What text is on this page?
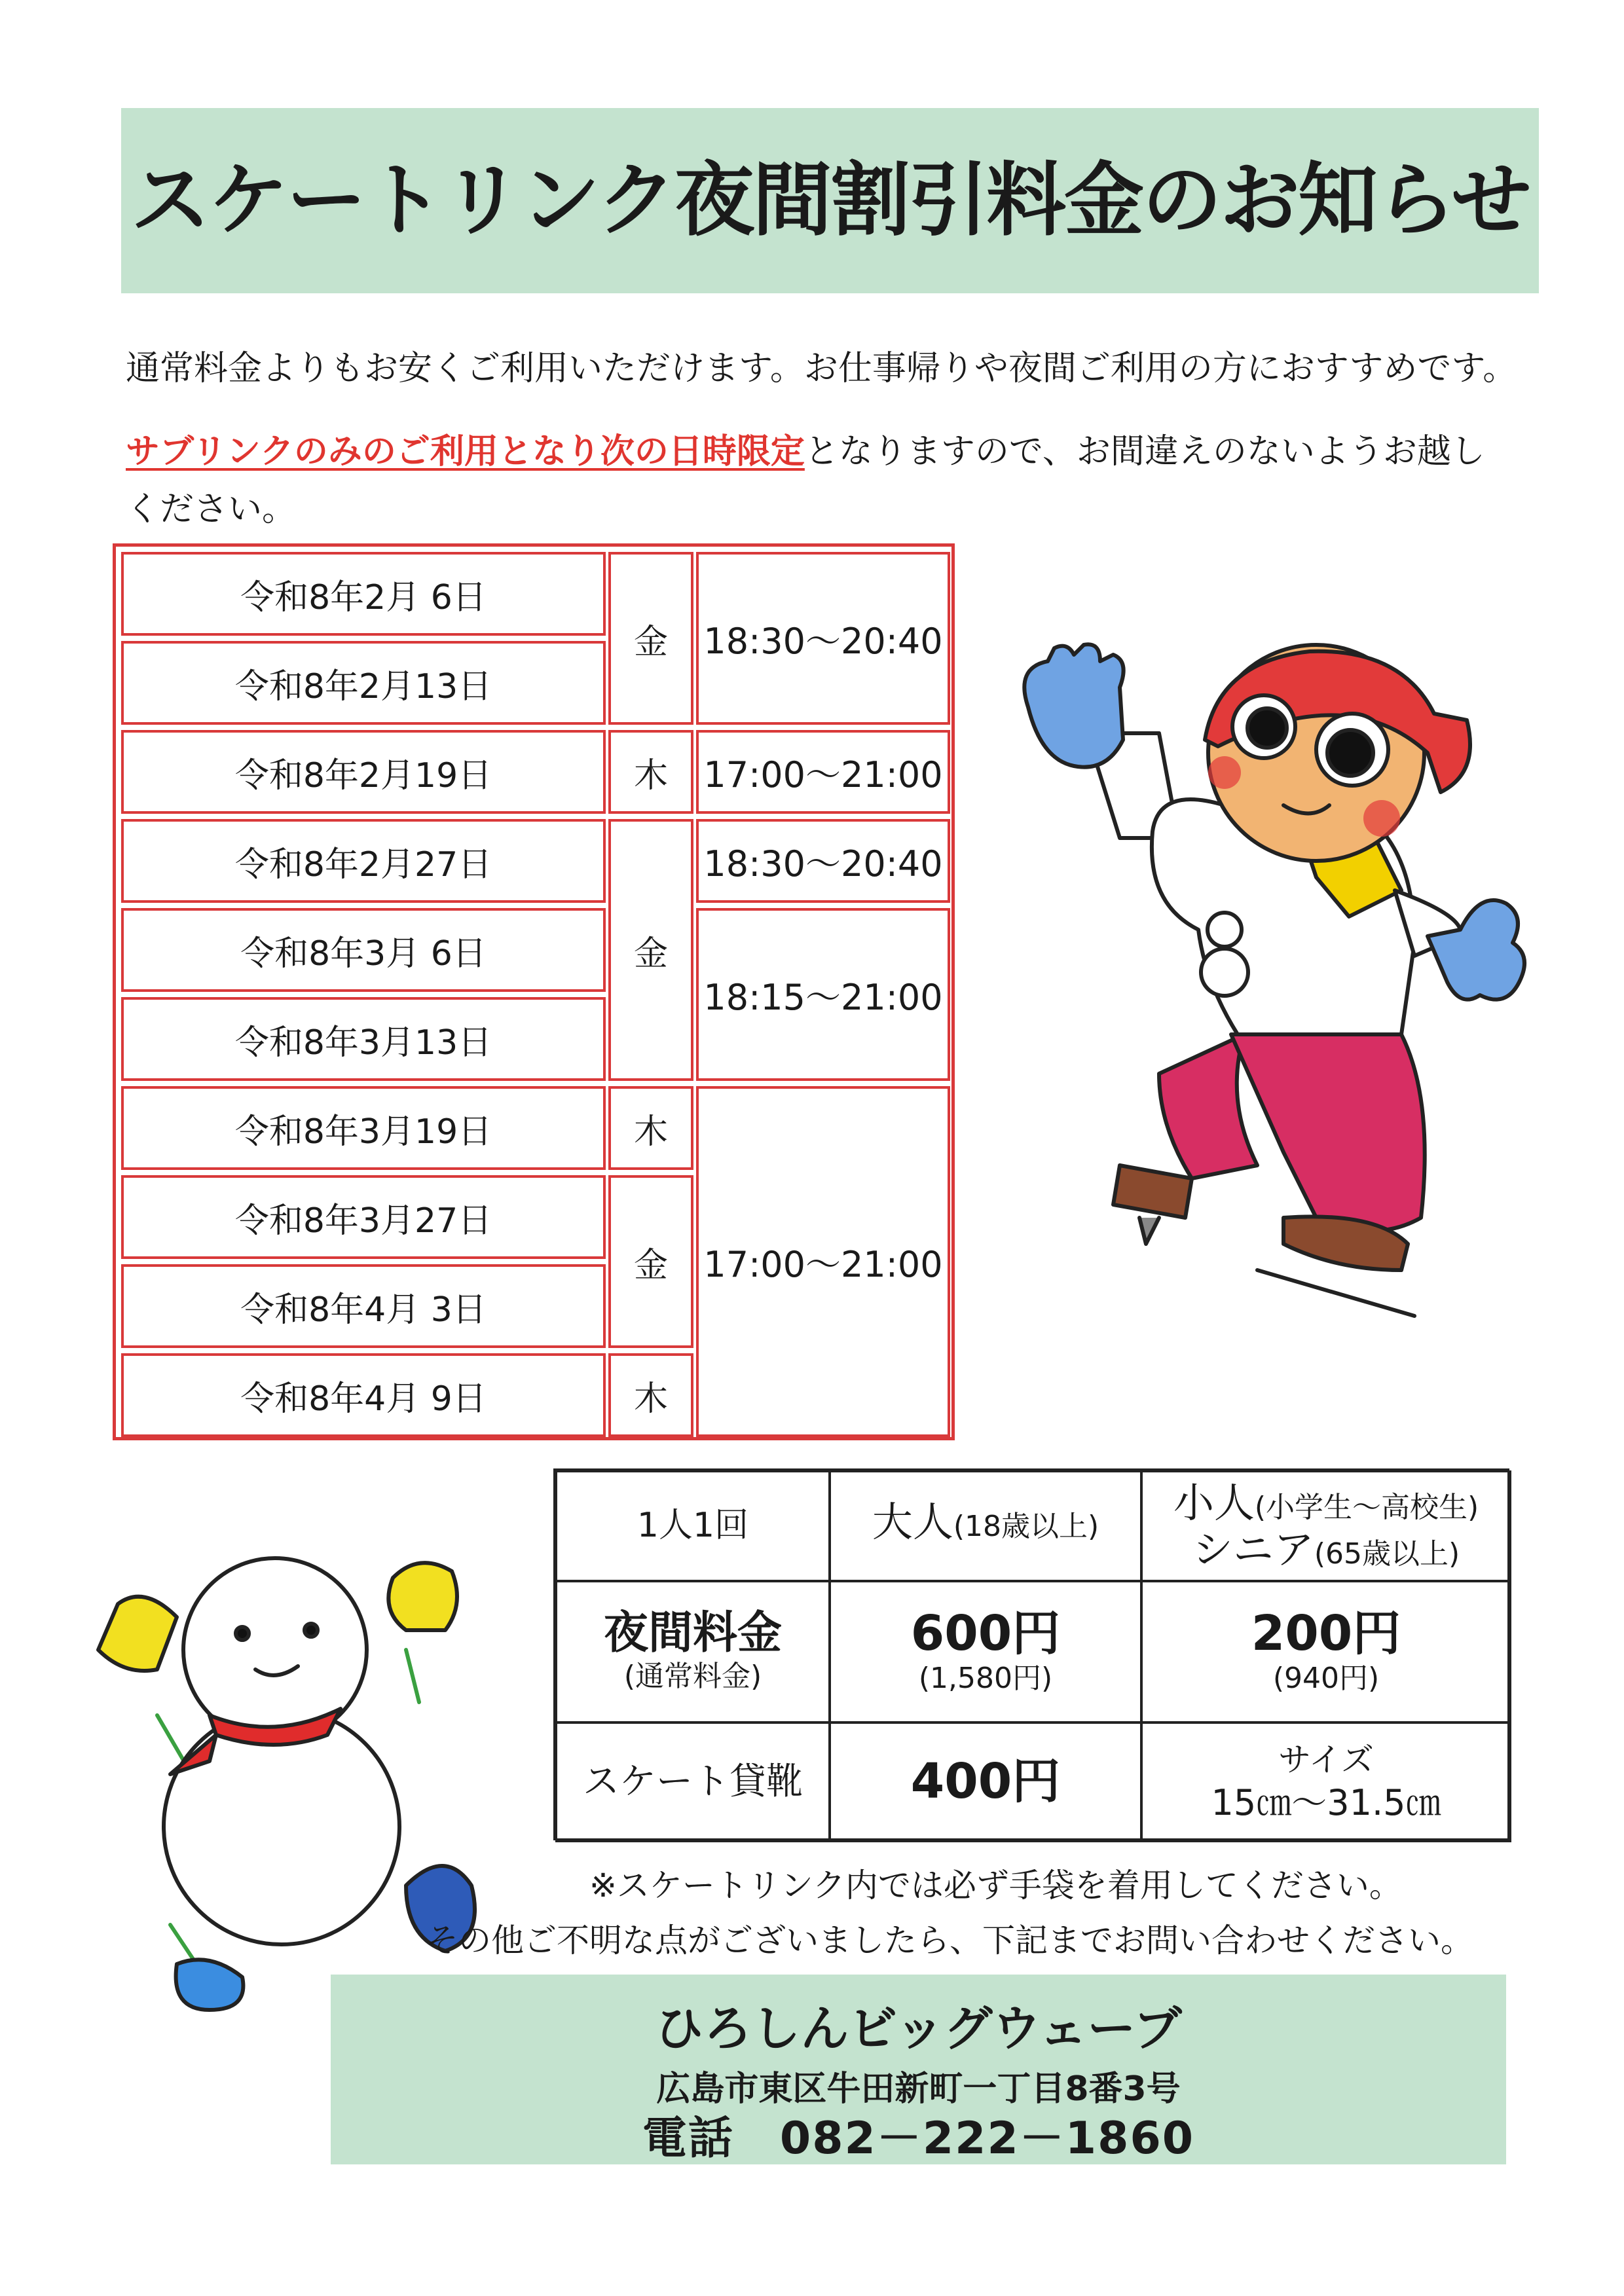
スケートリンク夜間割引料金のお知らせ
通常料金よりもお安くご利用いただけます。お仕事帰りや夜間ご利用の方におすすめです。
サブリンクのみのご利用となり次の日時限定となりますので、お間違えのないようお越しください。
令和8年2月 6日
令和8年2月13日
令和8年2月19日
令和8年2月27日
令和8年3月 6日
令和8年3月13日
令和8年3月19日
令和8年3月27日
令和8年4月 3日
令和8年4月 9日
金
木
金
木
金
木
18:30～20:40
17:00～21:00
18:30～20:40
18:15～21:00
17:00～21:00
1人1回	大人 (18歳以上) 小人(小学生～高校生)
シニア(65歳以上)
夜間料金
(通常料金)
600円
(1,580円)
200円
(940円)
スケート貸靴 400円	サイズ
15㎝～31.5㎝
※スケートリンク内では必ず手袋を着用してください。
その他ご不明な点がございましたら、下記までお問い合わせください。
ひろしんビッグウェーブ
広島市東区牛田新町一丁目8番3号
電話　082－222－1860
